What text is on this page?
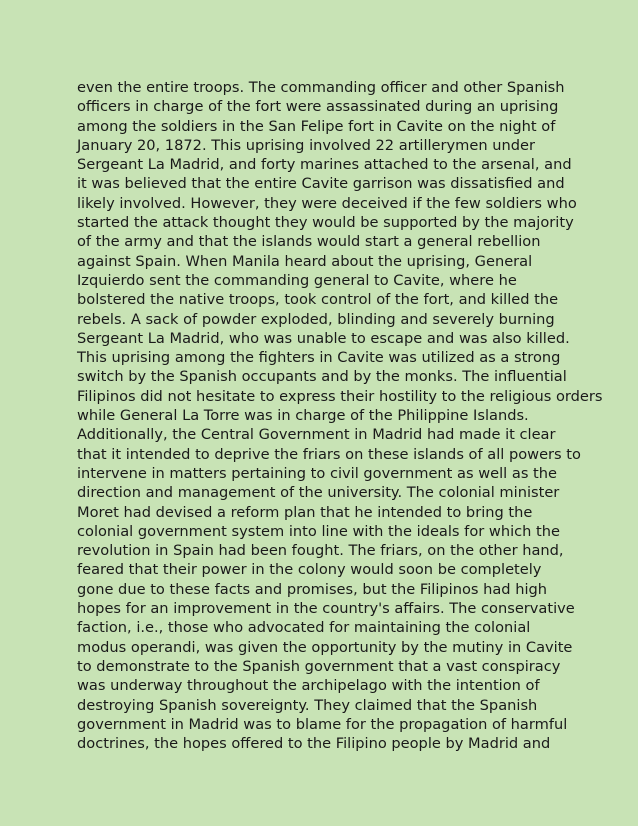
even the entire troops. The commanding officer and other Spanish
officers in charge of the fort were assassinated during an uprising
among the soldiers in the San Felipe fort in Cavite on the night of
January 20, 1872. This uprising involved 22 artillerymen under
Sergeant La Madrid, and forty marines attached to the arsenal, and
it was believed that the entire Cavite garrison was dissatisfied and
likely involved. However, they were deceived if the few soldiers who
started the attack thought they would be supported by the majority
of the army and that the islands would start a general rebellion
against Spain. When Manila heard about the uprising, General
Izquierdo sent the commanding general to Cavite, where he
bolstered the native troops, took control of the fort, and killed the
rebels. A sack of powder exploded, blinding and severely burning
Sergeant La Madrid, who was unable to escape and was also killed.
This uprising among the fighters in Cavite was utilized as a strong
switch by the Spanish occupants and by the monks. The influential
Filipinos did not hesitate to express their hostility to the religious orders
while General La Torre was in charge of the Philippine Islands.
Additionally, the Central Government in Madrid had made it clear
that it intended to deprive the friars on these islands of all powers to
intervene in matters pertaining to civil government as well as the
direction and management of the university. The colonial minister
Moret had devised a reform plan that he intended to bring the
colonial government system into line with the ideals for which the
revolution in Spain had been fought. The friars, on the other hand,
feared that their power in the colony would soon be completely
gone due to these facts and promises, but the Filipinos had high
hopes for an improvement in the country's affairs. The conservative
faction, i.e., those who advocated for maintaining the colonial
modus operandi, was given the opportunity by the mutiny in Cavite
to demonstrate to the Spanish government that a vast conspiracy
was underway throughout the archipelago with the intention of
destroying Spanish sovereignty. They claimed that the Spanish
government in Madrid was to blame for the propagation of harmful
doctrines, the hopes offered to the Filipino people by Madrid and
